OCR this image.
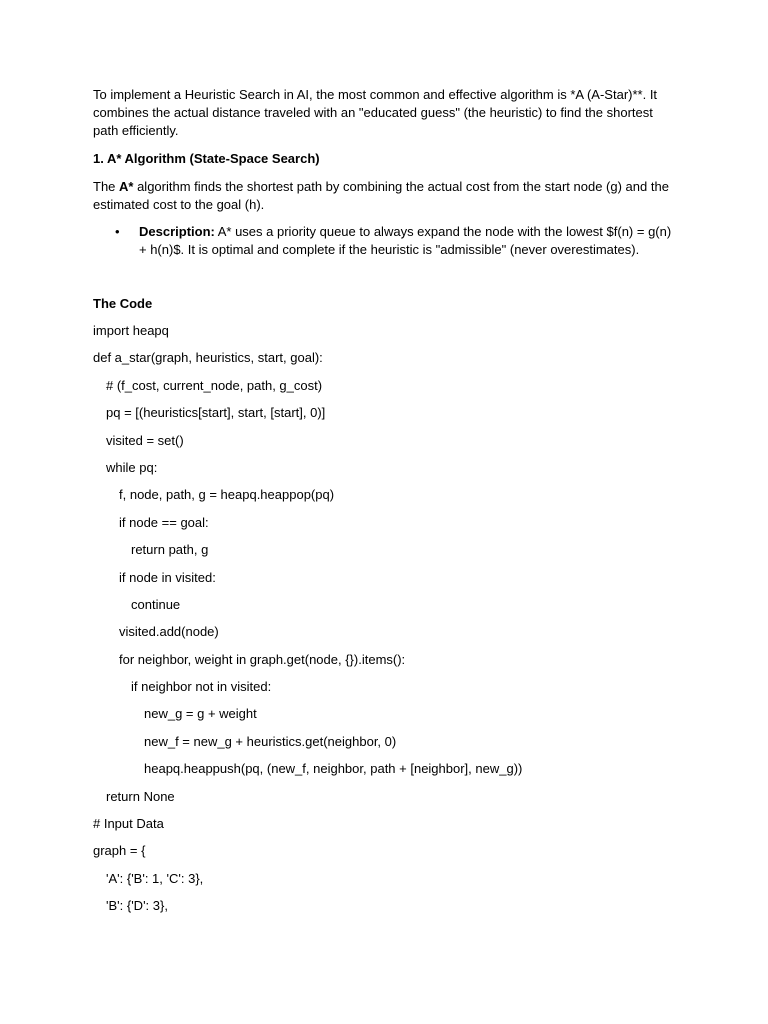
To implement a Heuristic Search in AI, the most common and effective algorithm is *A (A-Star)**. It combines the actual distance traveled with an "educated guess" (the heuristic) to find the shortest path efficiently.

1. A* Algorithm (State-Space Search)

The A* algorithm finds the shortest path by combining the actual cost from the start node (g) and the estimated cost to the goal (h).

• Description: A* uses a priority queue to always expand the node with the lowest $f(n) = g(n) + h(n)$. It is optimal and complete if the heuristic is "admissible" (never overestimates).

The Code

import heapq
def a_star(graph, heuristics, start, goal):
# (f_cost, current_node, path, g_cost)
pq = [(heuristics[start], start, [start], 0)]
visited = set()
while pq:
f, node, path, g = heapq.heappop(pq)
if node == goal:
return path, g
if node in visited:
continue
visited.add(node)
for neighbor, weight in graph.get(node, {}).items():
if neighbor not in visited:
new_g = g + weight
new_f = new_g + heuristics.get(neighbor, 0)
heapq.heappush(pq, (new_f, neighbor, path + [neighbor], new_g))
return None
# Input Data
graph = {
'A': {'B': 1, 'C': 3},
'B': {'D': 3},
